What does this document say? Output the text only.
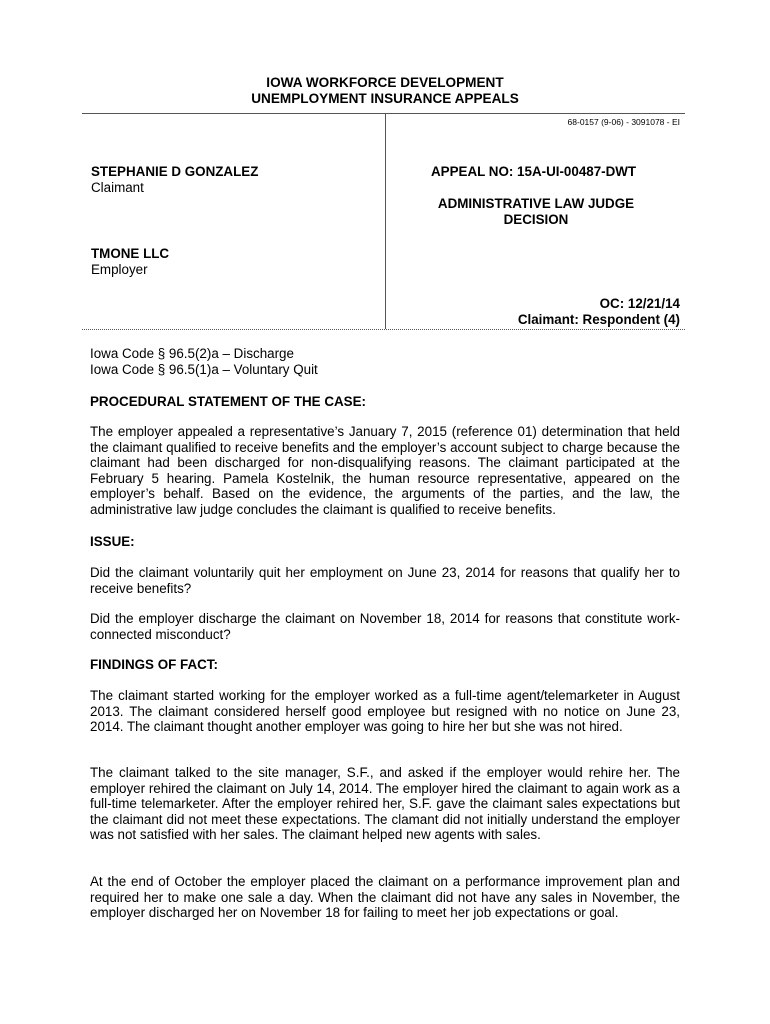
IOWA WORKFORCE DEVELOPMENT
UNEMPLOYMENT INSURANCE APPEALS
68-0157 (9-06) - 3091078 - EI
STEPHANIE D GONZALEZ
Claimant
TMONE LLC
Employer
APPEAL NO: 15A-UI-00487-DWT
ADMINISTRATIVE LAW JUDGE
DECISION
OC: 12/21/14
Claimant: Respondent (4)
Iowa Code § 96.5(2)a – Discharge
Iowa Code § 96.5(1)a – Voluntary Quit
PROCEDURAL STATEMENT OF THE CASE:

The employer appealed a representative’s January 7, 2015 (reference 01) determination that held the claimant qualified to receive benefits and the employer’s account subject to charge because the claimant had been discharged for non-disqualifying reasons. The claimant participated at the February 5 hearing. Pamela Kostelnik, the human resource representative, appeared on the employer’s behalf. Based on the evidence, the arguments of the parties, and the law, the administrative law judge concludes the claimant is qualified to receive benefits.

ISSUE:

Did the claimant voluntarily quit her employment on June 23, 2014 for reasons that qualify her to receive benefits?

Did the employer discharge the claimant on November 18, 2014 for reasons that constitute work-connected misconduct?

FINDINGS OF FACT:

The claimant started working for the employer worked as a full-time agent/telemarketer in August 2013. The claimant considered herself good employee but resigned with no notice on June 23, 2014. The claimant thought another employer was going to hire her but she was not hired.

The claimant talked to the site manager, S.F., and asked if the employer would rehire her. The employer rehired the claimant on July 14, 2014. The employer hired the claimant to again work as a full-time telemarketer. After the employer rehired her, S.F. gave the claimant sales expectations but the claimant did not meet these expectations. The clamant did not initially understand the employer was not satisfied with her sales. The claimant helped new agents with sales.

At the end of October the employer placed the claimant on a performance improvement plan and required her to make one sale a day. When the claimant did not have any sales in November, the employer discharged her on November 18 for failing to meet her job expectations or goal.
